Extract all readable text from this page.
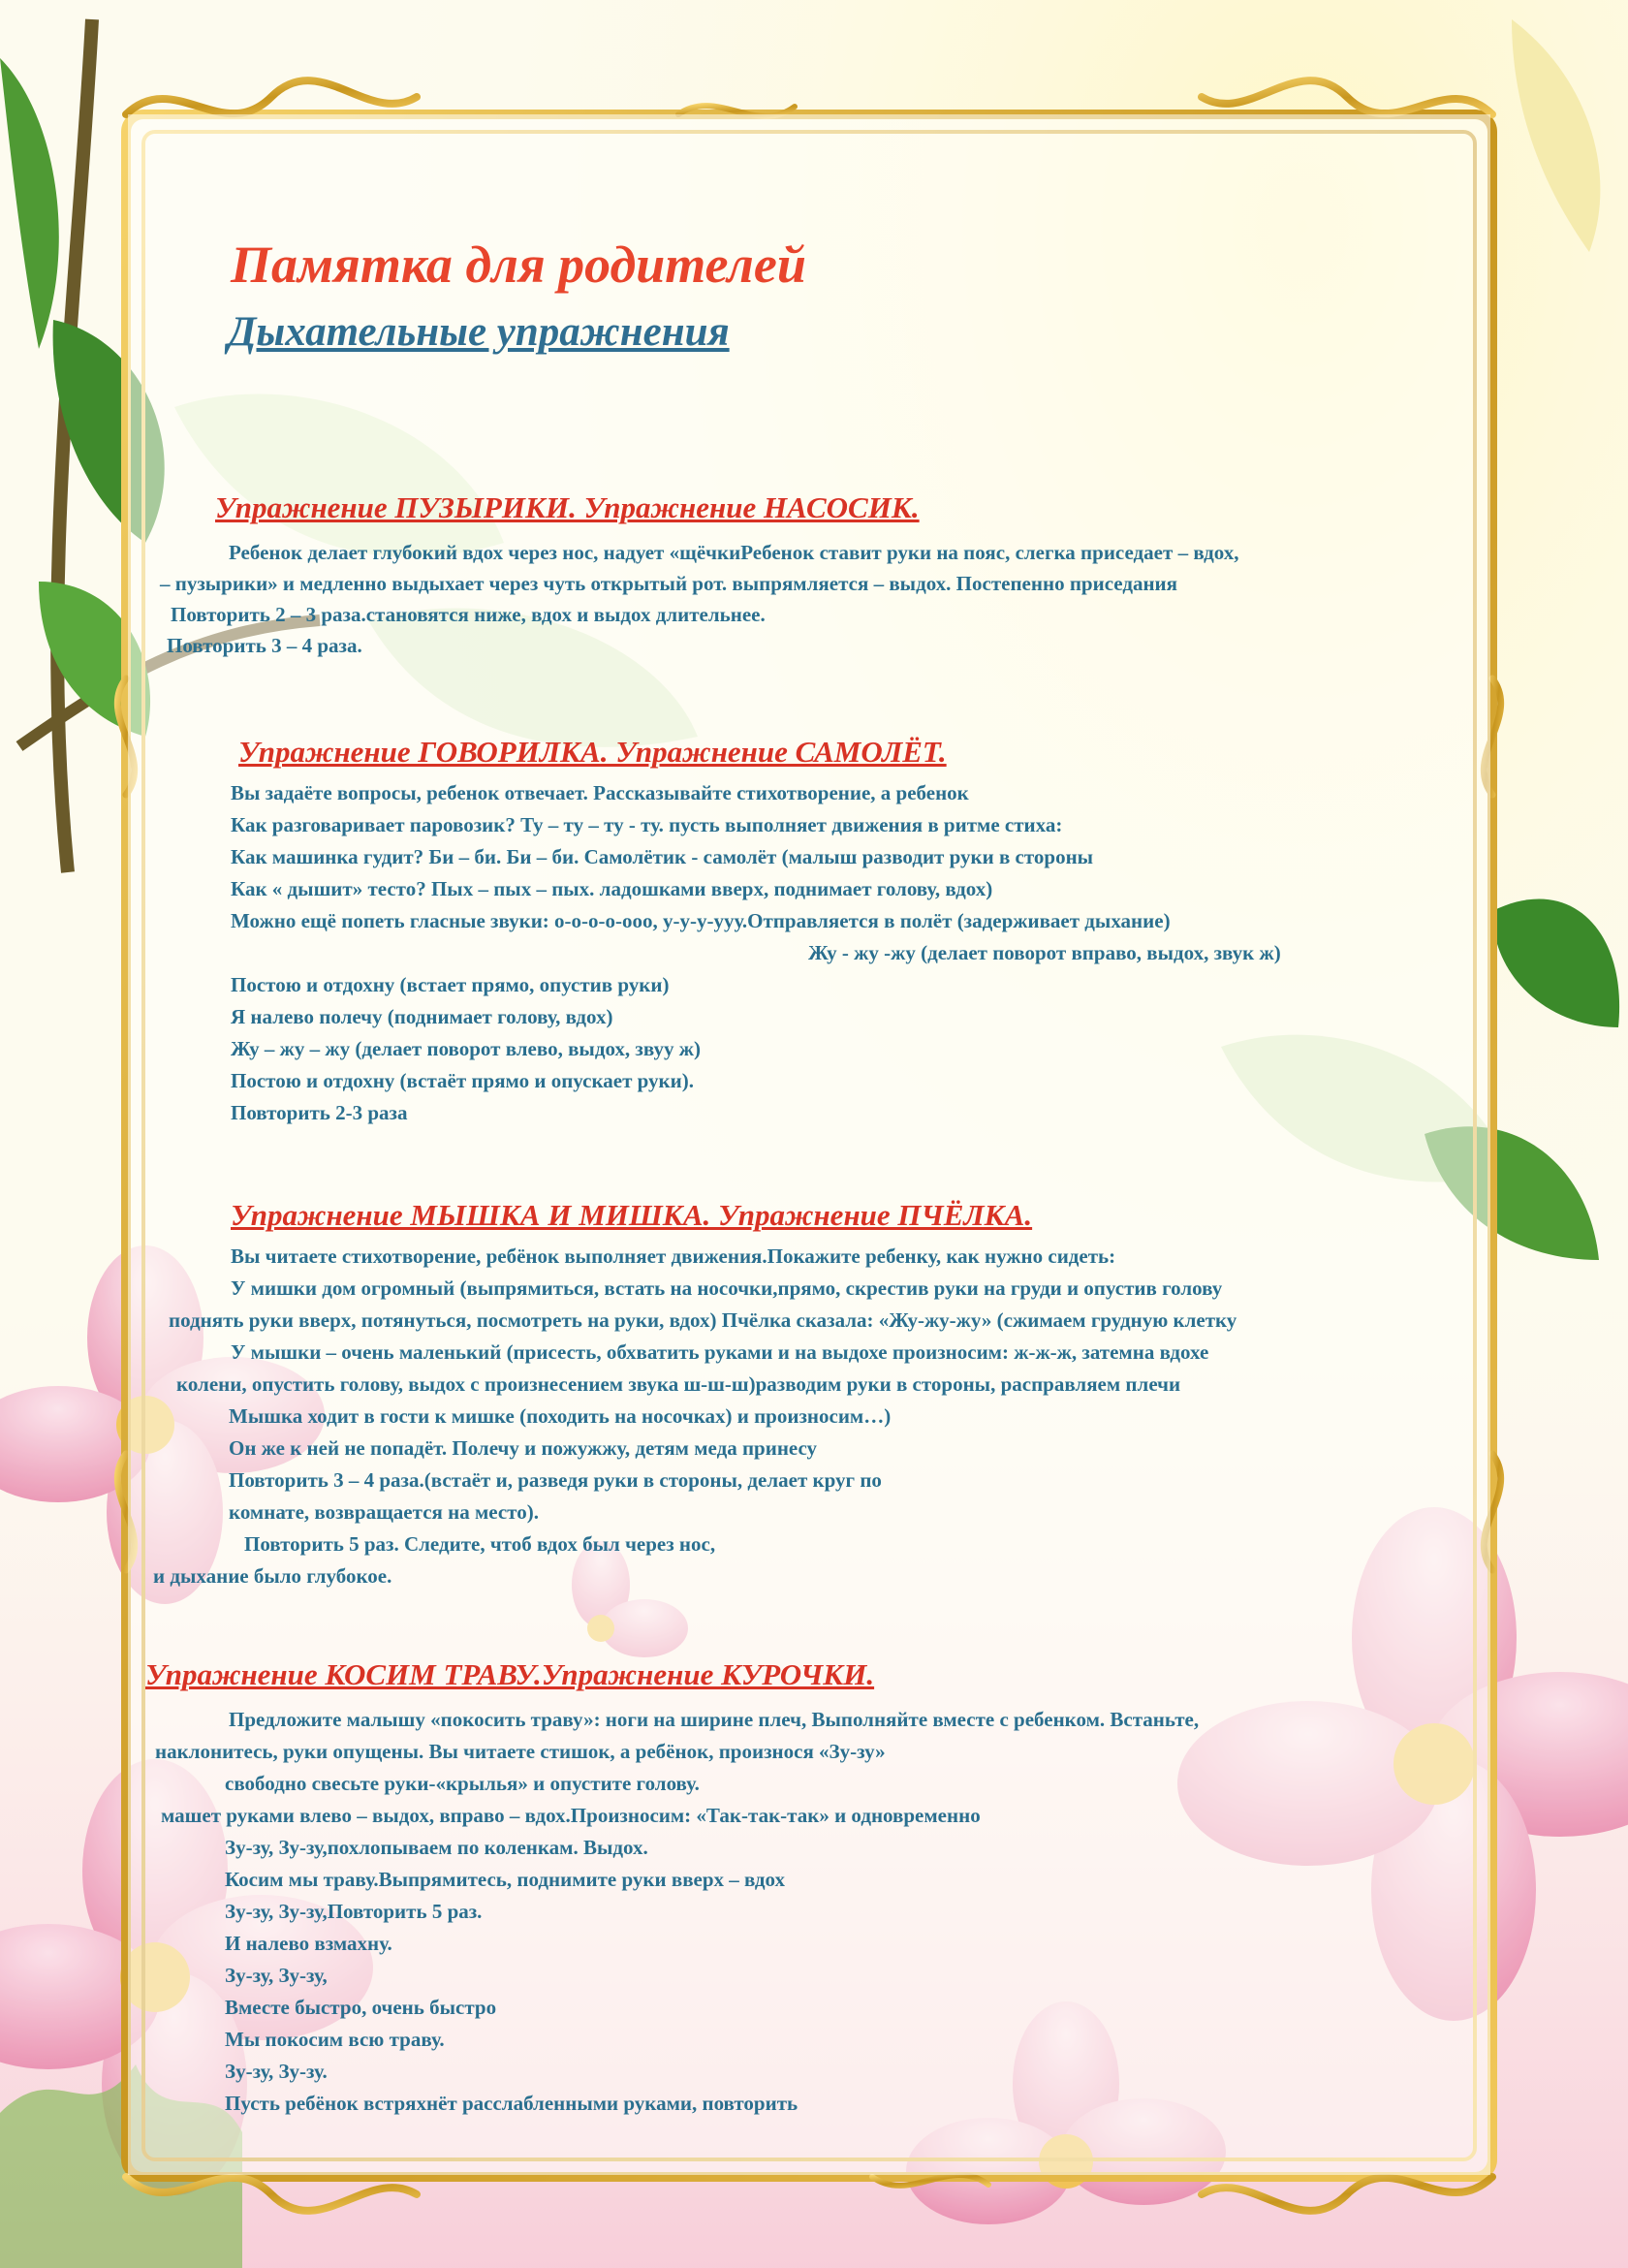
Памятка для родителей
Дыхательные упражнения
Упражнение ПУЗЫРИКИ. Упражнение НАСОСИК.
Ребенок делает глубокий вдох через нос, надует «щёчкиРебенок ставит руки на пояс, слегка приседает – вдох,
– пузырики» и медленно выдыхает через чуть открытый рот. выпрямляется – выдох. Постепенно приседания
Повторить 2 – 3 раза.становятся ниже, вдох и выдох длительнее.
Повторить 3 – 4 раза.
Упражнение ГОВОРИЛКА. Упражнение САМОЛЁТ.
Вы задаёте вопросы, ребенок отвечает. Рассказывайте стихотворение, а ребенок
Как разговаривает паровозик? Ту – ту – ту - ту. пусть выполняет движения в ритме стиха:
Как машинка гудит? Би – би. Би – би. Самолётик - самолёт (малыш разводит руки в стороны
Как « дышит» тесто? Пых – пых – пых. ладошками вверх, поднимает голову, вдох)
Можно ещё попеть гласные звуки: о-о-о-о-ооо, у-у-у-ууу.Отправляется в полёт (задерживает дыхание)
Жу - жу -жу (делает поворот вправо, выдох, звук ж)
Постою и отдохну (встает прямо, опустив руки)
Я налево полечу (поднимает голову, вдох)
Жу – жу – жу (делает поворот влево, выдох, звуу ж)
Постою и отдохну (встаёт прямо и опускает руки).
Повторить 2-3 раза
Упражнение МЫШКА И МИШКА. Упражнение ПЧЁЛКА.
Вы читаете стихотворение, ребёнок выполняет движения.Покажите ребенку, как нужно сидеть:
У мишки дом огромный (выпрямиться, встать на носочки,прямо, скрестив руки на груди и опустив голову
поднять руки вверх, потянуться, посмотреть на руки, вдох) Пчёлка сказала: «Жу-жу-жу» (сжимаем грудную клетку
У мышки – очень маленький (присесть, обхватить руками и на выдохе произносим: ж-ж-ж, затемна вдохе
колени, опустить голову, выдох с произнесением звука ш-ш-ш)разводим руки в стороны, расправляем плечи
Мышка ходит в гости к мишке (походить на носочках) и произносим…)
Он же к ней не попадёт. Полечу и пожужжу, детям меда принесу
Повторить 3 – 4 раза.(встаёт и, разведя руки в стороны, делает круг по
комнате, возвращается на место).
Повторить 5 раз. Следите, чтоб вдох был через нос,
и дыхание было глубокое.
Упражнение КОСИМ ТРАВУ.Упражнение КУРОЧКИ.
Предложите малышу «покосить траву»: ноги на ширине плеч, Выполняйте вместе с ребенком. Встаньте,
наклонитесь, руки опущены. Вы читаете стишок, а ребёнок, произнося «Зу-зу»
свободно свесьте руки-«крылья» и опустите голову.
машет руками влево – выдох, вправо – вдох.Произносим: «Так-так-так» и одновременно
Зу-зу, Зу-зу,похлопываем по коленкам. Выдох.
Косим мы траву.Выпрямитесь, поднимите руки вверх – вдох
Зу-зу, Зу-зу,Повторить 5 раз.
И налево взмахну.
Зу-зу, Зу-зу,
Вместе быстро, очень быстро
Мы покосим всю траву.
Зу-зу, Зу-зу.
Пусть ребёнок встряхнёт расслабленными руками, повторить
